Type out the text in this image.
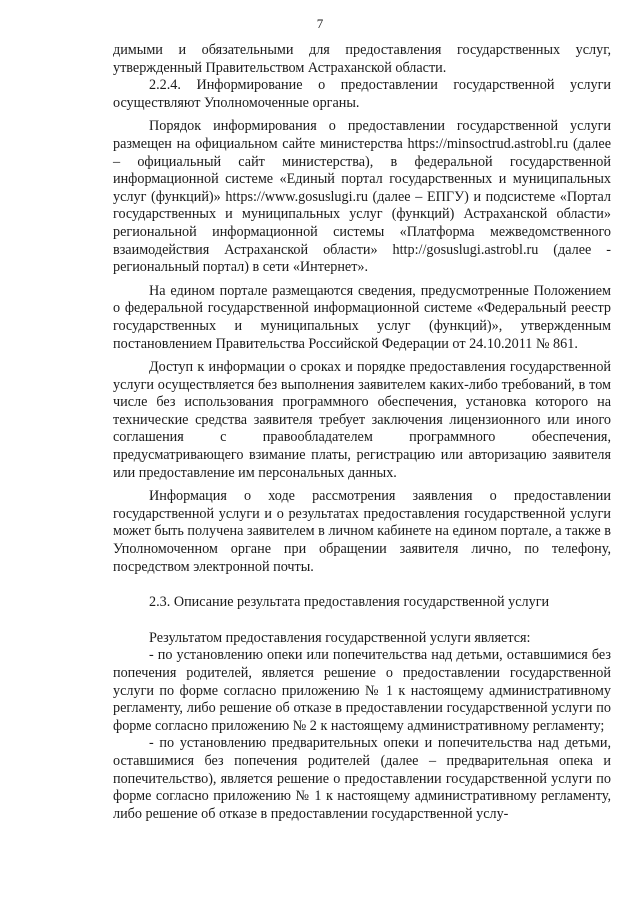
7

димыми и обязательными для предоставления государственных услуг, утвержденный Правительством Астраханской области.

2.2.4. Информирование о предоставлении государственной услуги осуществляют Уполномоченные органы.

Порядок информирования о предоставлении государственной услуги размещен на официальном сайте министерства https://minsoctrud.astrobl.ru (далее – официальный сайт министерства), в федеральной государственной информационной системе «Единый портал государственных и муниципальных услуг (функций)» https://www.gosuslugi.ru (далее – ЕПГУ) и подсистеме «Портал государственных и муниципальных услуг (функций) Астраханской области» региональной информационной системы «Платформа межведомственного взаимодействия Астраханской области» http://gosuslugi.astrobl.ru (далее - региональный портал) в сети «Интернет».

На едином портале размещаются сведения, предусмотренные Положением о федеральной государственной информационной системе «Федеральный реестр государственных и муниципальных услуг (функций)», утвержденным постановлением Правительства Российской Федерации от 24.10.2011 № 861.

Доступ к информации о сроках и порядке предоставления государственной услуги осуществляется без выполнения заявителем каких-либо требований, в том числе без использования программного обеспечения, установка которого на технические средства заявителя требует заключения лицензионного или иного соглашения с правообладателем программного обеспечения, предусматривающего взимание платы, регистрацию или авторизацию заявителя или предоставление им персональных данных.

Информация о ходе рассмотрения заявления о предоставлении государственной услуги и о результатах предоставления государственной услуги может быть получена заявителем в личном кабинете на едином портале, а также в Уполномоченном органе при обращении заявителя лично, по телефону, посредством электронной почты.

2.3. Описание результата предоставления государственной услуги

Результатом предоставления государственной услуги является:

- по установлению опеки или попечительства над детьми, оставшимися без попечения родителей, является решение о предоставлении государственной услуги по форме согласно приложению № 1 к настоящему административному регламенту, либо решение об отказе в предоставлении государственной услуги по форме согласно приложению № 2 к настоящему административному регламенту;

- по установлению предварительных опеки и попечительства над детьми, оставшимися без попечения родителей (далее – предварительная опека и попечительство), является решение о предоставлении государственной услуги по форме согласно приложению № 1 к настоящему административному регламенту, либо решение об отказе в предоставлении государственной услу-
